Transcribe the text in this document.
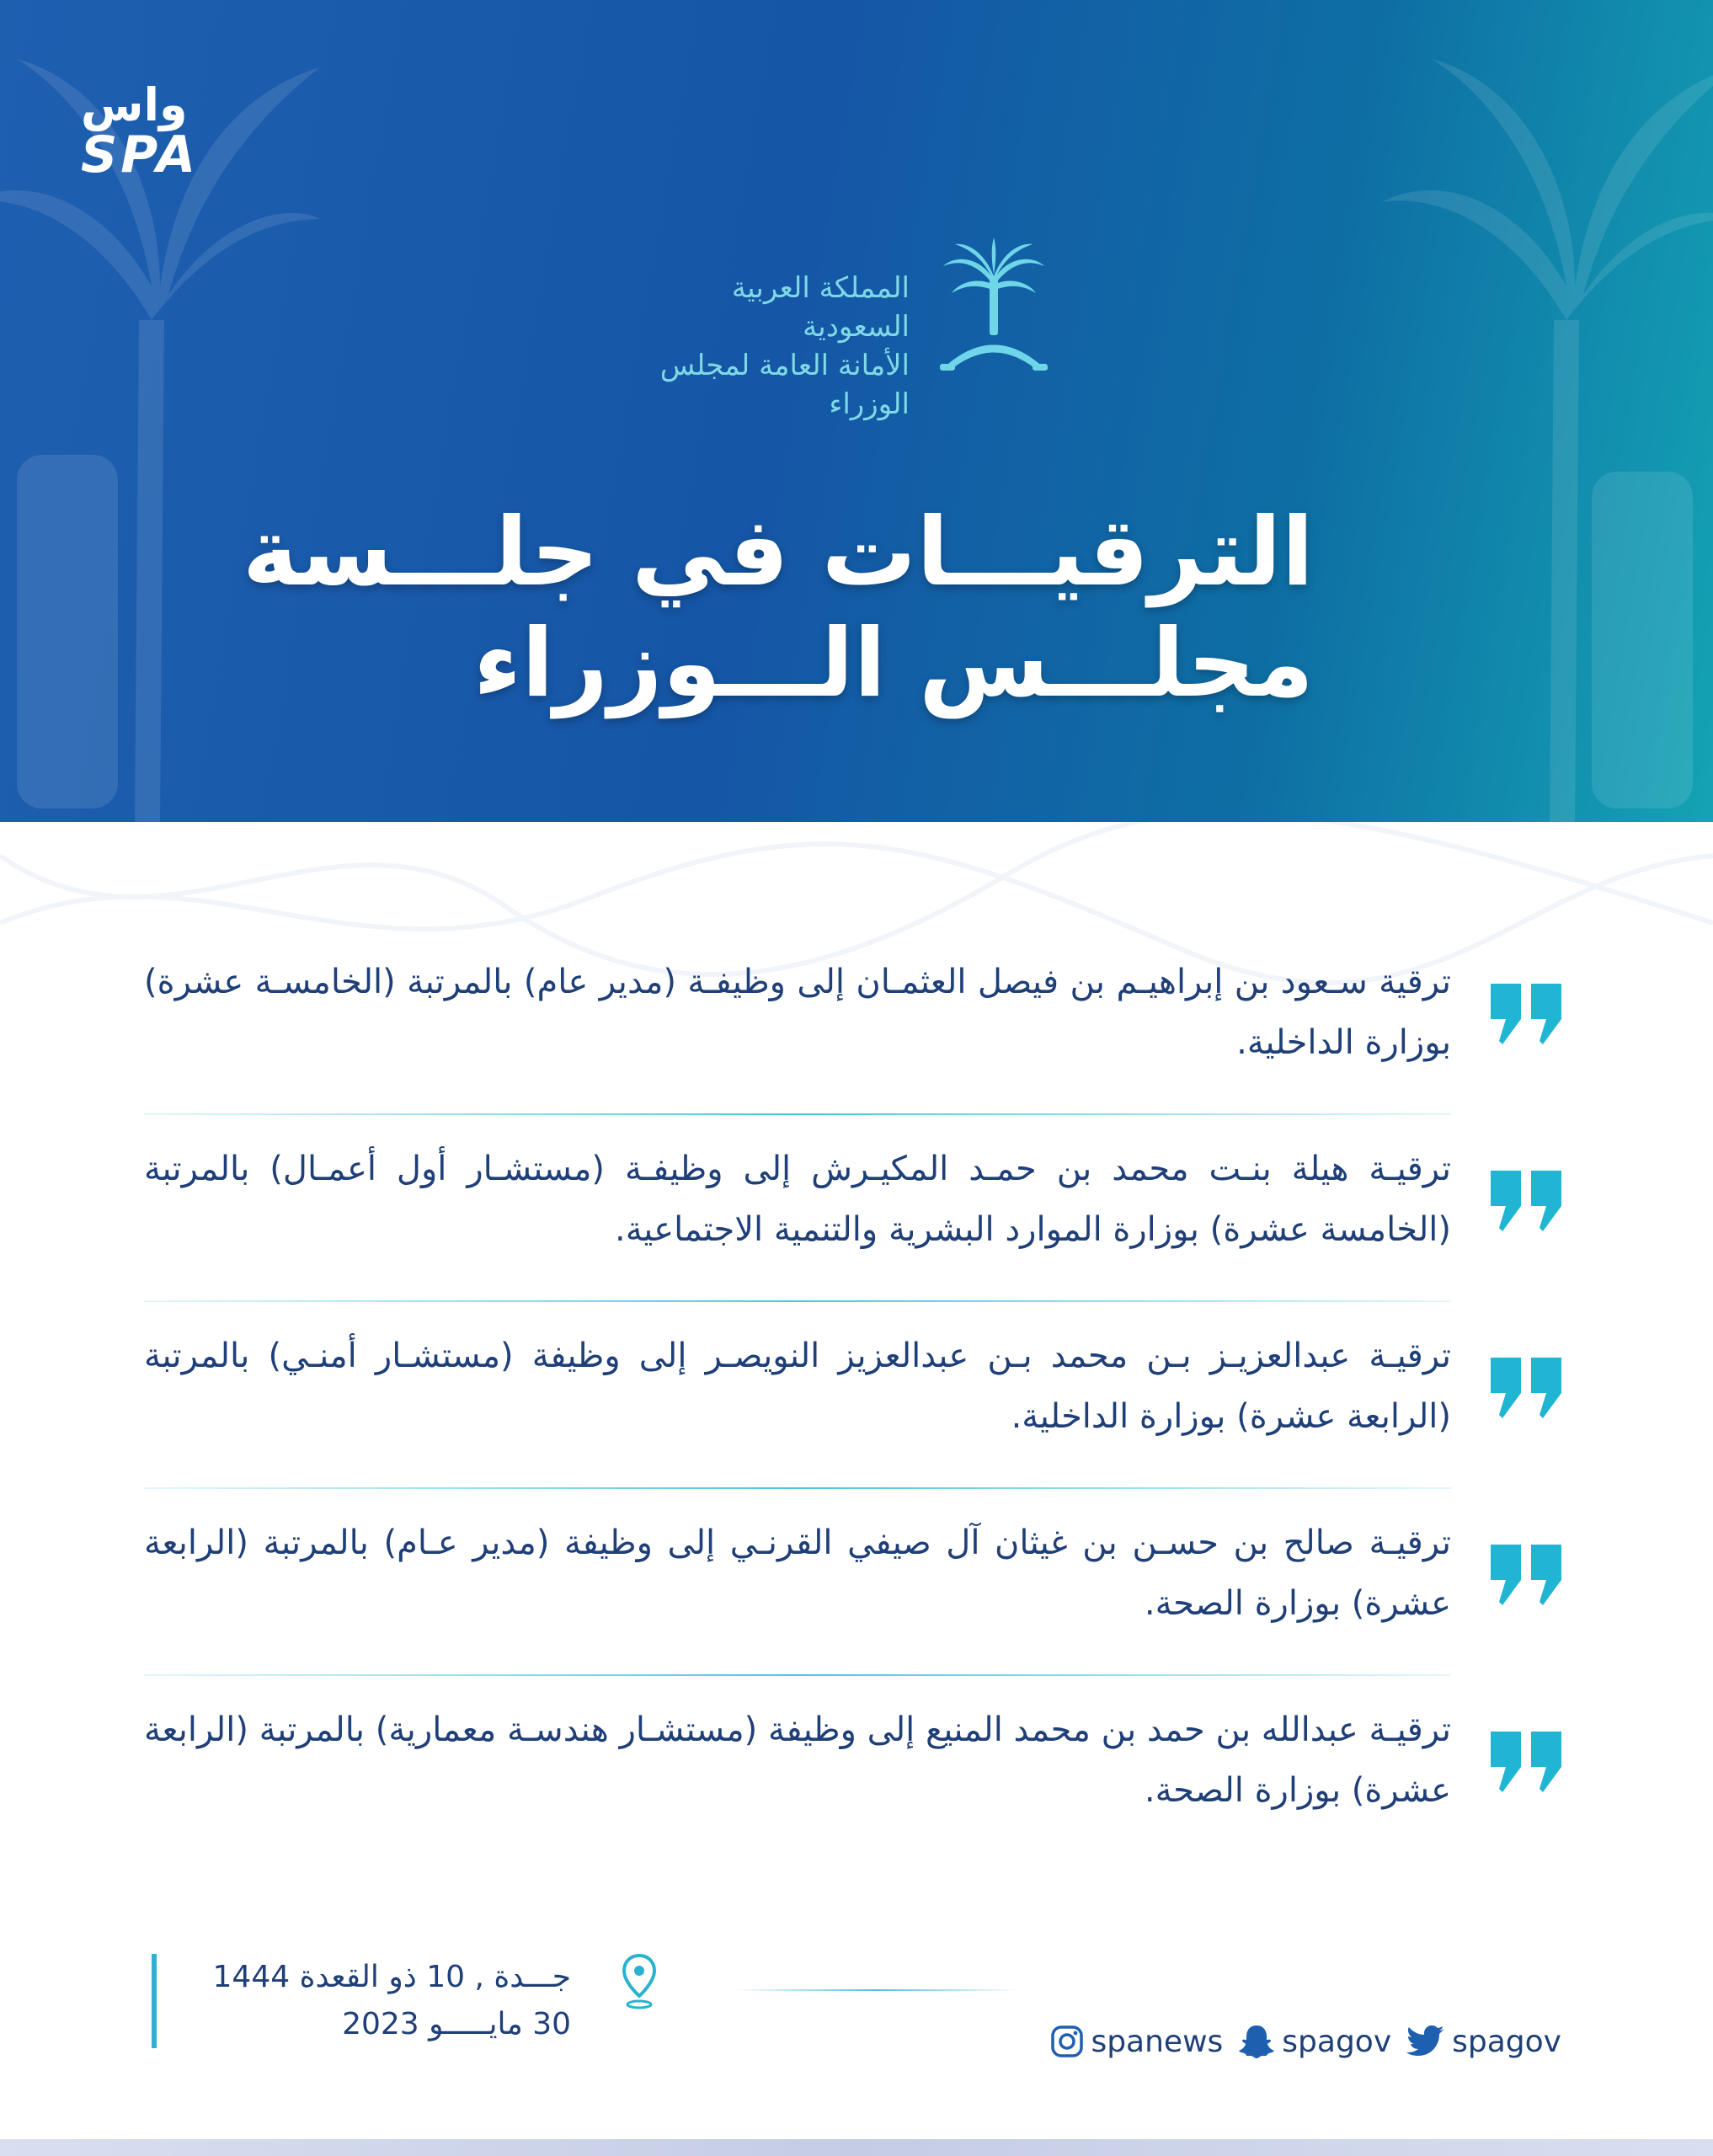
واس
SPA
المملكة العربية السعودية
الأمانة العامة لمجلس الوزراء
الترقيـــات في جلـــسة
مجلـــس الـــوزراء
ترقية سـعود بن إبراهيـم بن فيصل العثمـان إلى وظيفـة (مدير عام) بالمرتبة (الخامسـة عشرة) بوزارة الداخلية.
ترقيـة هيلة بنـت محمد بن حمـد المكيـرش إلى وظيفـة (مستشـار أول أعمـال) بالمرتبة (الخامسة عشرة) بوزارة الموارد البشرية والتنمية الاجتماعية.
ترقيـة عبدالعزيـز بـن محمد بـن عبدالعزيز النويصـر إلى وظيفة (مستشـار أمنـي) بالمرتبة (الرابعة عشرة) بوزارة الداخلية.
ترقيـة صالح بن حسـن بن غيثان آل صيفي القرنـي إلى وظيفة (مدير عـام) بالمرتبة (الرابعة عشرة) بوزارة الصحة.
ترقيـة عبدالله بن حمد بن محمد المنيع إلى وظيفة (مستشـار هندسـة معمارية) بالمرتبة (الرابعة عشرة) بوزارة الصحة.
جـــدة , 10 ذو القعدة 1444
30 مايـــــو 2023	spanews spagov spagov
